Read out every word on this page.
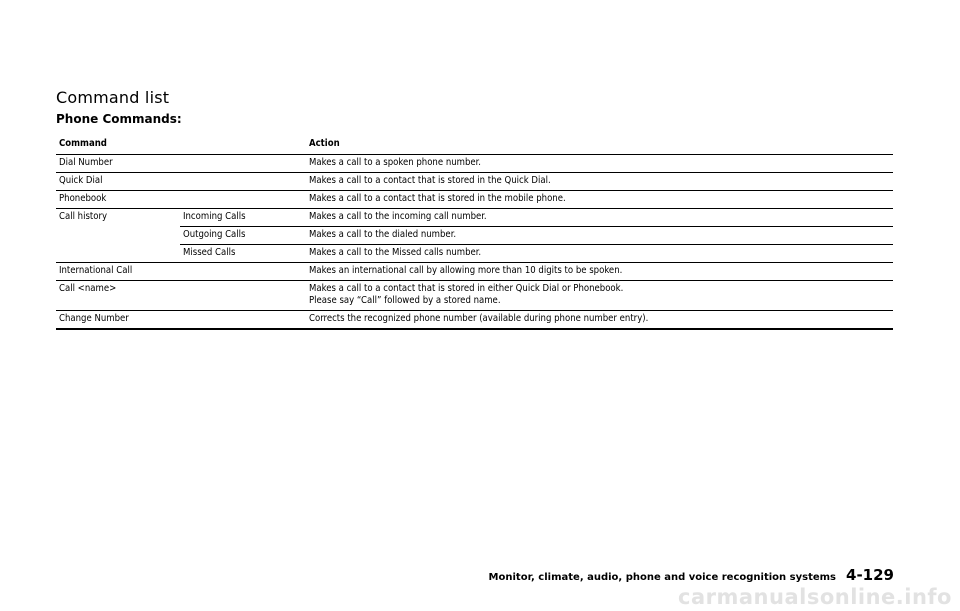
Command list
Phone Commands:
Command		Action
Dial Number		Makes a call to a spoken phone number.
Quick Dial		Makes a call to a contact that is stored in the Quick Dial.
Phonebook		Makes a call to a contact that is stored in the mobile phone.
Call history	Incoming Calls	Makes a call to the incoming call number.
	Outgoing Calls	Makes a call to the dialed number.
	Missed Calls	Makes a call to the Missed calls number.
International Call		Makes an international call by allowing more than 10 digits to be spoken.
Call <name>		Makes a call to a contact that is stored in either Quick Dial or Phonebook.
Please say “Call” followed by a stored name.

Change Number		Corrects the recognized phone number (available during phone number entry).
Monitor, climate, audio, phone and voice recognition systems 4-129
carmanualsonline.info
